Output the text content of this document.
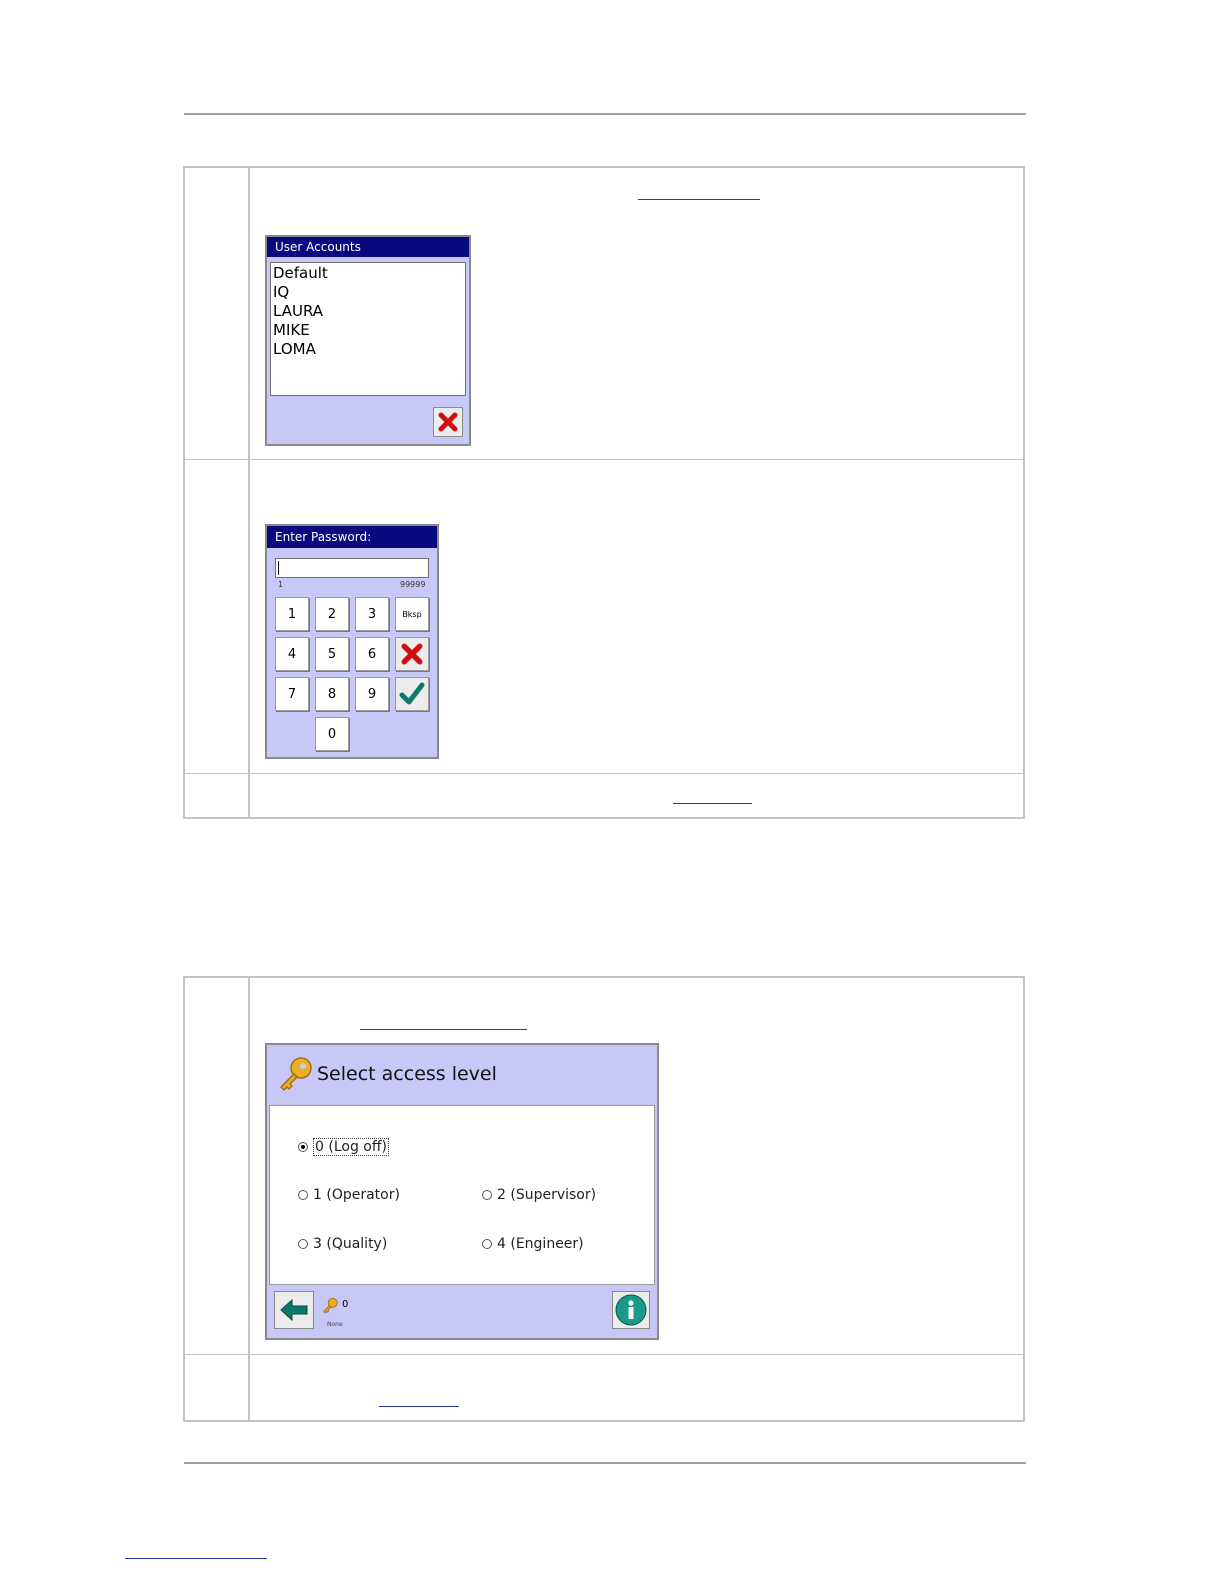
User Accounts
Default
IQ
LAURA
MIKE
LOMA
Enter Password:
1	99999
1	2	3	Bksp
4	5	6
7	8	9
0
Select access level
0 (Log off)
1 (Operator)	2 (Supervisor)
3 (Quality)	4 (Engineer)
0
None
